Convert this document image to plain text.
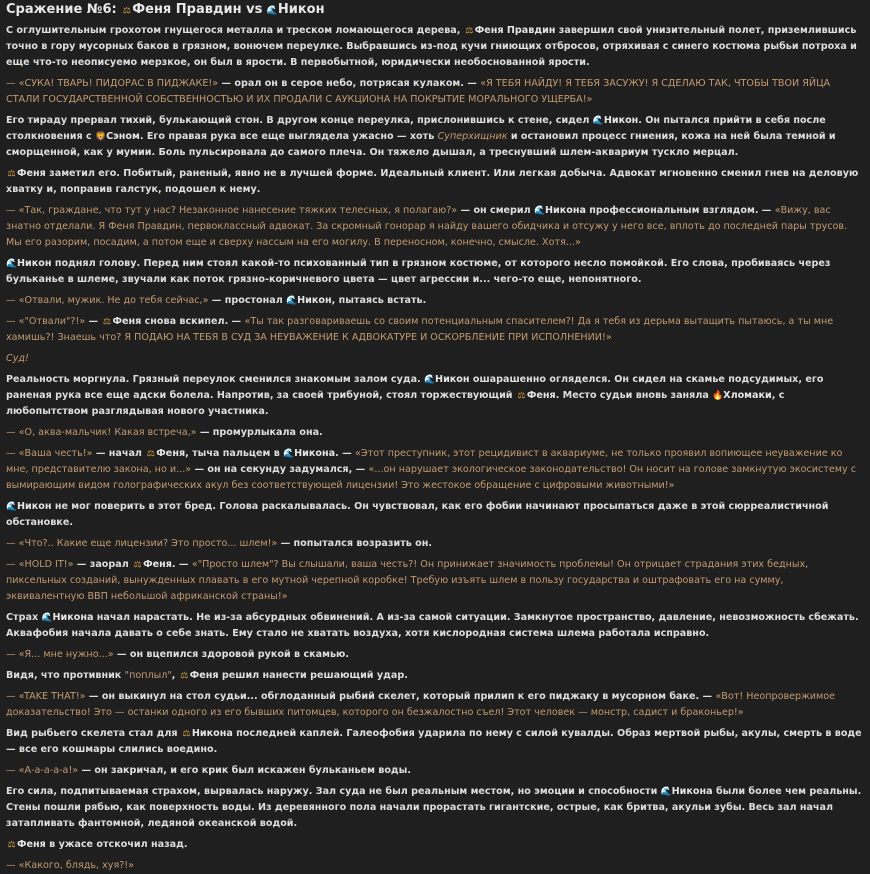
Сражение №6: ⚖Феня Правдин vs 🌊Никон
С оглушительным грохотом гнущегося металла и треском ломающегося дерева, ⚖Феня Правдин завершил свой унизительный полет, приземлившись точно в гору мусорных баков в грязном, вонючем переулке. Выбравшись из-под кучи гниющих отбросов, отряхивая с синего костюма рыбьи потроха и еще что-то неописуемо мерзкое, он был в ярости. В первобытной, юридически необоснованной ярости.
— «СУКА! ТВАРЬ! ПИДОРАС В ПИДЖАКЕ!» — орал он в серое небо, потрясая кулаком. — «Я ТЕБЯ НАЙДУ! Я ТЕБЯ ЗАСУЖУ! Я СДЕЛАЮ ТАК, ЧТОБЫ ТВОИ ЯЙЦА СТАЛИ ГОСУДАРСТВЕННОЙ СОБСТВЕННОСТЬЮ И ИХ ПРОДАЛИ С АУКЦИОНА НА ПОКРЫТИЕ МОРАЛЬНОГО УЩЕРБА!»
Его тираду прервал тихий, булькающий стон. В другом конце переулка, прислонившись к стене, сидел 🌊Никон. Он пытался прийти в себя после столкновения с 🦁Сэном. Его правая рука все еще выглядела ужасно — хоть Суперхищник и остановил процесс гниения, кожа на ней была темной и сморщенной, как у мумии. Боль пульсировала до самого плеча. Он тяжело дышал, а треснувший шлем-аквариум тускло мерцал.
⚖Феня заметил его. Побитый, раненый, явно не в лучшей форме. Идеальный клиент. Или легкая добыча. Адвокат мгновенно сменил гнев на деловую хватку и, поправив галстук, подошел к нему.
— «Так, граждане, что тут у нас? Незаконное нанесение тяжких телесных, я полагаю?» — он смерил 🌊Никона профессиональным взглядом. — «Вижу, вас знатно отделали. Я Феня Правдин, первоклассный адвокат. За скромный гонорар я найду вашего обидчика и отсужу у него все, вплоть до последней пары трусов. Мы его разорим, посадим, а потом еще и сверху нассым на его могилу. В переносном, конечно, смысле. Хотя...»
🌊Никон поднял голову. Перед ним стоял какой-то психованный тип в грязном костюме, от которого несло помойкой. Его слова, пробиваясь через бульканье в шлеме, звучали как поток грязно-коричневого цвета — цвет агрессии и... чего-то еще, непонятного.
— «Отвали, мужик. Не до тебя сейчас,» — простонал 🌊Никон, пытаясь встать.
— «"Отвали"?!» — ⚖Феня снова вскипел. — «Ты так разговариваешь со своим потенциальным спасителем?! Да я тебя из дерьма вытащить пытаюсь, а ты мне хамишь?! Знаешь что? Я ПОДАЮ НА ТЕБЯ В СУД ЗА НЕУВАЖЕНИЕ К АДВОКАТУРЕ И ОСКОРБЛЕНИЕ ПРИ ИСПОЛНЕНИИ!»
Суд!
Реальность моргнула. Грязный переулок сменился знакомым залом суда. 🌊Никон ошарашенно огляделся. Он сидел на скамье подсудимых, его раненая рука все еще адски болела. Напротив, за своей трибуной, стоял торжествующий ⚖Феня. Место судьи вновь заняла 🔥Хломаки, с любопытством разглядывая нового участника.
— «О, аква-мальчик! Какая встреча,» — промурлыкала она.
— «Ваша честь!» — начал ⚖Феня, тыча пальцем в 🌊Никона. — «Этот преступник, этот рецидивист в аквариуме, не только проявил вопиющее неуважение ко мне, представителю закона, но и...» — он на секунду задумался, — «...он нарушает экологическое законодательство! Он носит на голове замкнутую экосистему с вымирающим видом голографических акул без соответствующей лицензии! Это жестокое обращение с цифровыми животными!»
🌊Никон не мог поверить в этот бред. Голова раскалывалась. Он чувствовал, как его фобии начинают просыпаться даже в этой сюрреалистичной обстановке.
— «Что?.. Какие еще лицензии? Это просто... шлем!» — попытался возразить он.
— «HOLD IT!» — заорал ⚖Феня. — «"Просто шлем"? Вы слышали, ваша честь?! Он принижает значимость проблемы! Он отрицает страдания этих бедных, пиксельных созданий, вынужденных плавать в его мутной черепной коробке! Требую изъять шлем в пользу государства и оштрафовать его на сумму, эквивалентную ВВП небольшой африканской страны!»
Страх 🌊Никона начал нарастать. Не из-за абсурдных обвинений. А из-за самой ситуации. Замкнутое пространство, давление, невозможность сбежать. Аквафобия начала давать о себе знать. Ему стало не хватать воздуха, хотя кислородная система шлема работала исправно.
— «Я... мне нужно...» — он вцепился здоровой рукой в скамью.
Видя, что противник "поплыл", ⚖Феня решил нанести решающий удар.
— «TAKE THAT!» — он выкинул на стол судьи... обглоданный рыбий скелет, который прилип к его пиджаку в мусорном баке. — «Вот! Неопровержимое доказательство! Это — останки одного из его бывших питомцев, которого он безжалостно съел! Этот человек — монстр, садист и браконьер!»
Вид рыбьего скелета стал для ⚖Никона последней каплей. Галеофобия ударила по нему с силой кувалды. Образ мертвой рыбы, акулы, смерть в воде — все его кошмары слились воедино.
— «А-а-а-а-а!» — он закричал, и его крик был искажен бульканьем воды.
Его сила, подпитываемая страхом, вырвалась наружу. Зал суда не был реальным местом, но эмоции и способности 🌊Никона были более чем реальны. Стены пошли рябью, как поверхность воды. Из деревянного пола начали прорастать гигантские, острые, как бритва, акульи зубы. Весь зал начал затапливать фантомной, ледяной океанской водой.
⚖Феня в ужасе отскочил назад.
— «Какого, блядь, хуя?!»
